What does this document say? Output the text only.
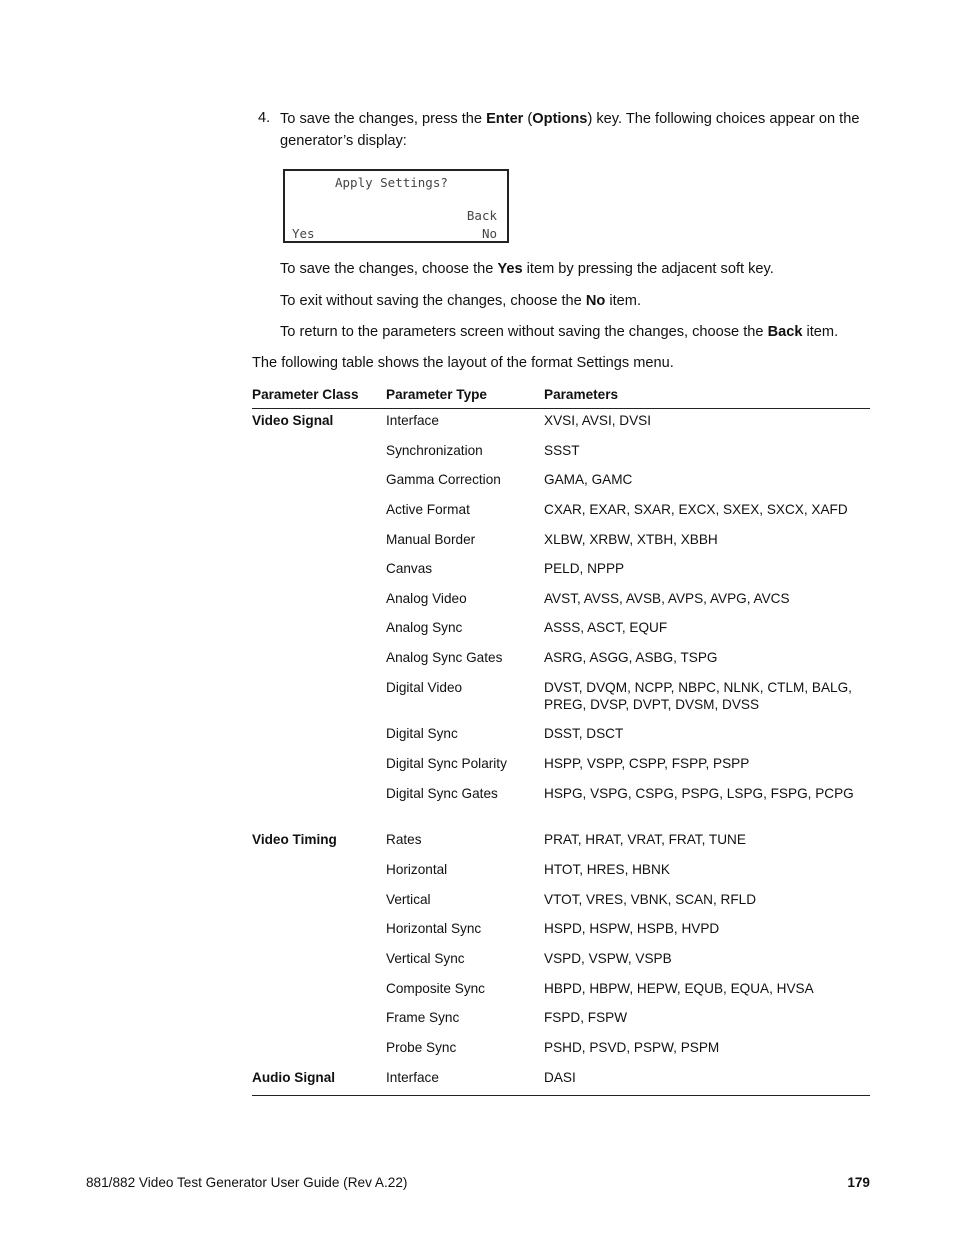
4. To save the changes, press the Enter (Options) key. The following choices appear on the generator’s display:
Apply Settings?
Back
Yes	No
To save the changes, choose the Yes item by pressing the adjacent soft key.
To exit without saving the changes, choose the No item.
To return to the parameters screen without saving the changes, choose the Back item.
The following table shows the layout of the format Settings menu.
Parameter Class Parameter Type	Parameters
Video Signal	Interface	XVSI, AVSI, DVSI
Synchronization	SSST
Gamma Correction	GAMA, GAMC
Active Format	CXAR, EXAR, SXAR, EXCX, SXEX, SXCX, XAFD
Manual Border	XLBW, XRBW, XTBH, XBBH
Canvas	PELD, NPPP
Analog Video	AVST, AVSS, AVSB, AVPS, AVPG, AVCS
Analog Sync	ASSS, ASCT, EQUF
Analog Sync Gates	ASRG, ASGG, ASBG, TSPG
Digital Video	DVST, DVQM, NCPP, NBPC, NLNK, CTLM, BALG, PREG, DVSP, DVPT, DVSM, DVSS
Digital Sync	DSST, DSCT
Digital Sync Polarity	HSPP, VSPP, CSPP, FSPP, PSPP
Digital Sync Gates	HSPG, VSPG, CSPG, PSPG, LSPG, FSPG, PCPG
Video Timing	Rates	PRAT, HRAT, VRAT, FRAT, TUNE
Horizontal	HTOT, HRES, HBNK
Vertical	VTOT, VRES, VBNK, SCAN, RFLD
Horizontal Sync	HSPD, HSPW, HSPB, HVPD
Vertical Sync	VSPD, VSPW, VSPB
Composite Sync	HBPD, HBPW, HEPW, EQUB, EQUA, HVSA
Frame Sync	FSPD, FSPW
Probe Sync	PSHD, PSVD, PSPW, PSPM
Audio Signal	Interface	DASI
881/882 Video Test Generator User Guide (Rev A.22)	179
